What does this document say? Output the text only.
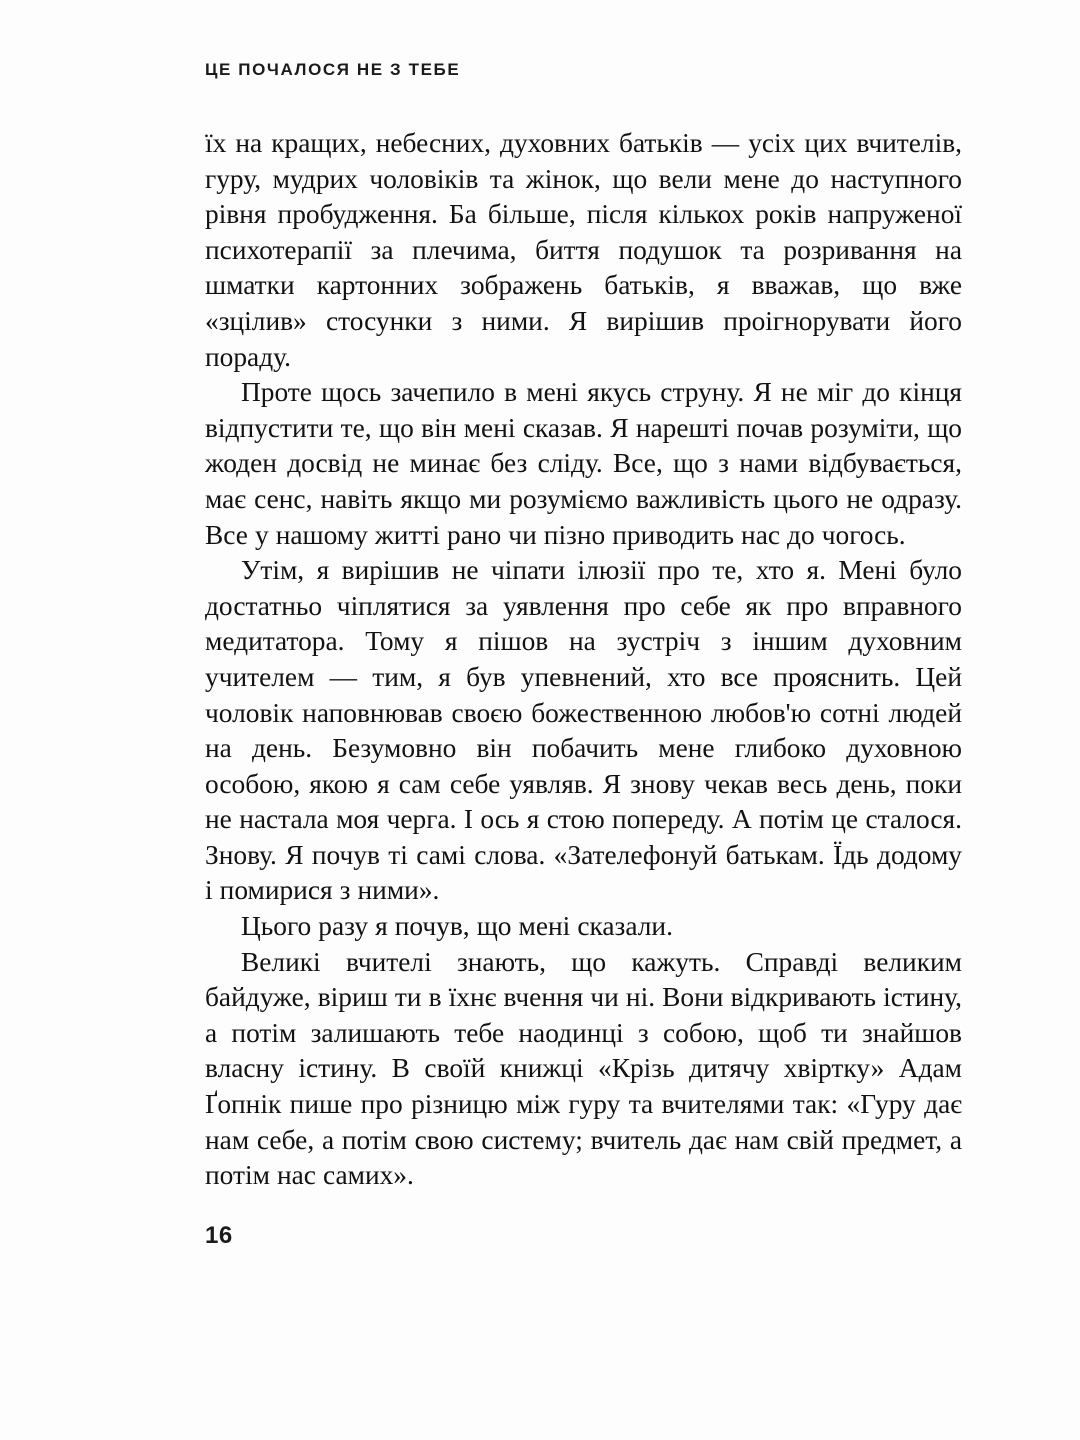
ЦЕ ПОЧАЛОСЯ НЕ З ТЕБЕ

їх на кращих, небесних, духовних батьків — усіх цих вчителів, гуру, мудрих чоловіків та жінок, що вели мене до наступного рівня пробудження. Ба більше, після кількох років напруженої психотерапії за плечима, биття подушок та розривання на шматки картонних зображень батьків, я вважав, що вже «зцілив» стосунки з ними. Я вирішив проігнорувати його пораду.

Проте щось зачепило в мені якусь струну. Я не міг до кінця відпустити те, що він мені сказав. Я нарешті почав розуміти, що жоден досвід не минає без сліду. Все, що з нами відбувається, має сенс, навіть якщо ми розуміємо важливість цього не одразу. Все у нашому житті рано чи пізно приводить нас до чогось.

Утім, я вирішив не чіпати ілюзії про те, хто я. Мені було достатньо чіплятися за уявлення про себе як про вправного медитатора. Тому я пішов на зустріч з іншим духовним учителем — тим, я був упевнений, хто все прояснить. Цей чоловік наповнював своєю божественною любов'ю сотні людей на день. Безумовно він побачить мене глибоко духовною особою, якою я сам себе уявляв. Я знову чекав весь день, поки не настала моя черга. І ось я стою попереду. А потім це сталося. Знову. Я почув ті самі слова. «Зателефонуй батькам. Їдь додому і помирися з ними».

Цього разу я почув, що мені сказали.

Великі вчителі знають, що кажуть. Справді великим байдуже, віриш ти в їхнє вчення чи ні. Вони відкривають істину, а потім залишають тебе наодинці з собою, щоб ти знайшов власну істину. В своїй книжці «Крізь дитячу хвіртку» Адам Ґопнік пише про різницю між гуру та вчителями так: «Гуру дає нам себе, а потім свою систему; вчитель дає нам свій предмет, а потім нас самих».

16
